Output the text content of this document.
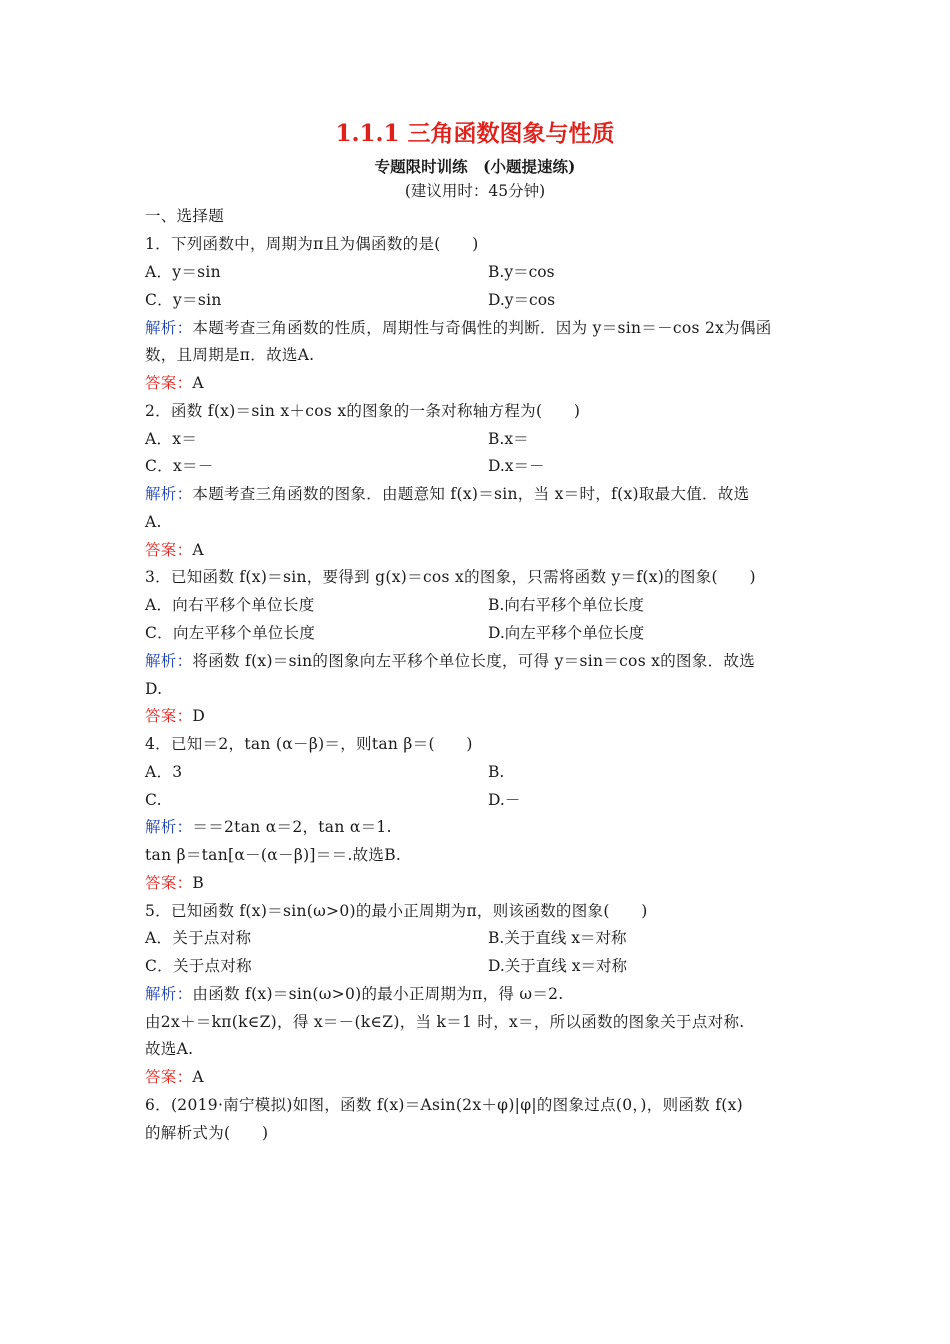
1.1.1 三角函数图象与性质
专题限时训练　(小题提速练)
(建议用时：45分钟)
一、选择题
1．下列函数中，周期为π且为偶函数的是(　　)
A．y＝sin	B.y＝cos
C．y＝sin	D.y＝cos
解析：本题考查三角函数的性质，周期性与奇偶性的判断．因为 y＝sin＝－cos 2x为偶函
数，且周期是π．故选A.
答案：A
2．函数 f(x)＝sin x＋cos x的图象的一条对称轴方程为(　　)
A．x＝	B.x＝
C．x＝－	D.x＝－
解析：本题考查三角函数的图象．由题意知 f(x)＝sin，当 x＝时，f(x)取最大值．故选
A.
答案：A
3．已知函数 f(x)＝sin，要得到 g(x)＝cos x的图象，只需将函数 y＝f(x)的图象(　　)
A．向右平移个单位长度	B.向右平移个单位长度
C．向左平移个单位长度	D.向左平移个单位长度
解析：将函数 f(x)＝sin的图象向左平移个单位长度，可得 y＝sin＝cos x的图象．故选
D.
答案：D
4．已知＝2，tan (α－β)＝，则tan β＝(　　)
A．3	B.
C.	D.－
解析：＝＝2tan α＝2，tan α＝1.
tan β＝tan[α－(α－β)]＝＝.故选B.
答案：B
5．已知函数 f(x)＝sin(ω>0)的最小正周期为π，则该函数的图象(　　)
A．关于点对称	B.关于直线 x＝对称
C．关于点对称	D.关于直线 x＝对称
解析：由函数 f(x)＝sin(ω>0)的最小正周期为π，得 ω＝2.
由2x＋＝kπ(k∈Z)，得 x＝－(k∈Z)，当 k＝1 时，x＝，所以函数的图象关于点对称.
故选A.
答案：A
6．(2019·南宁模拟)如图，函数 f(x)＝Asin(2x＋φ)|φ|的图象过点(0，)，则函数 f(x)
的解析式为(　　)
